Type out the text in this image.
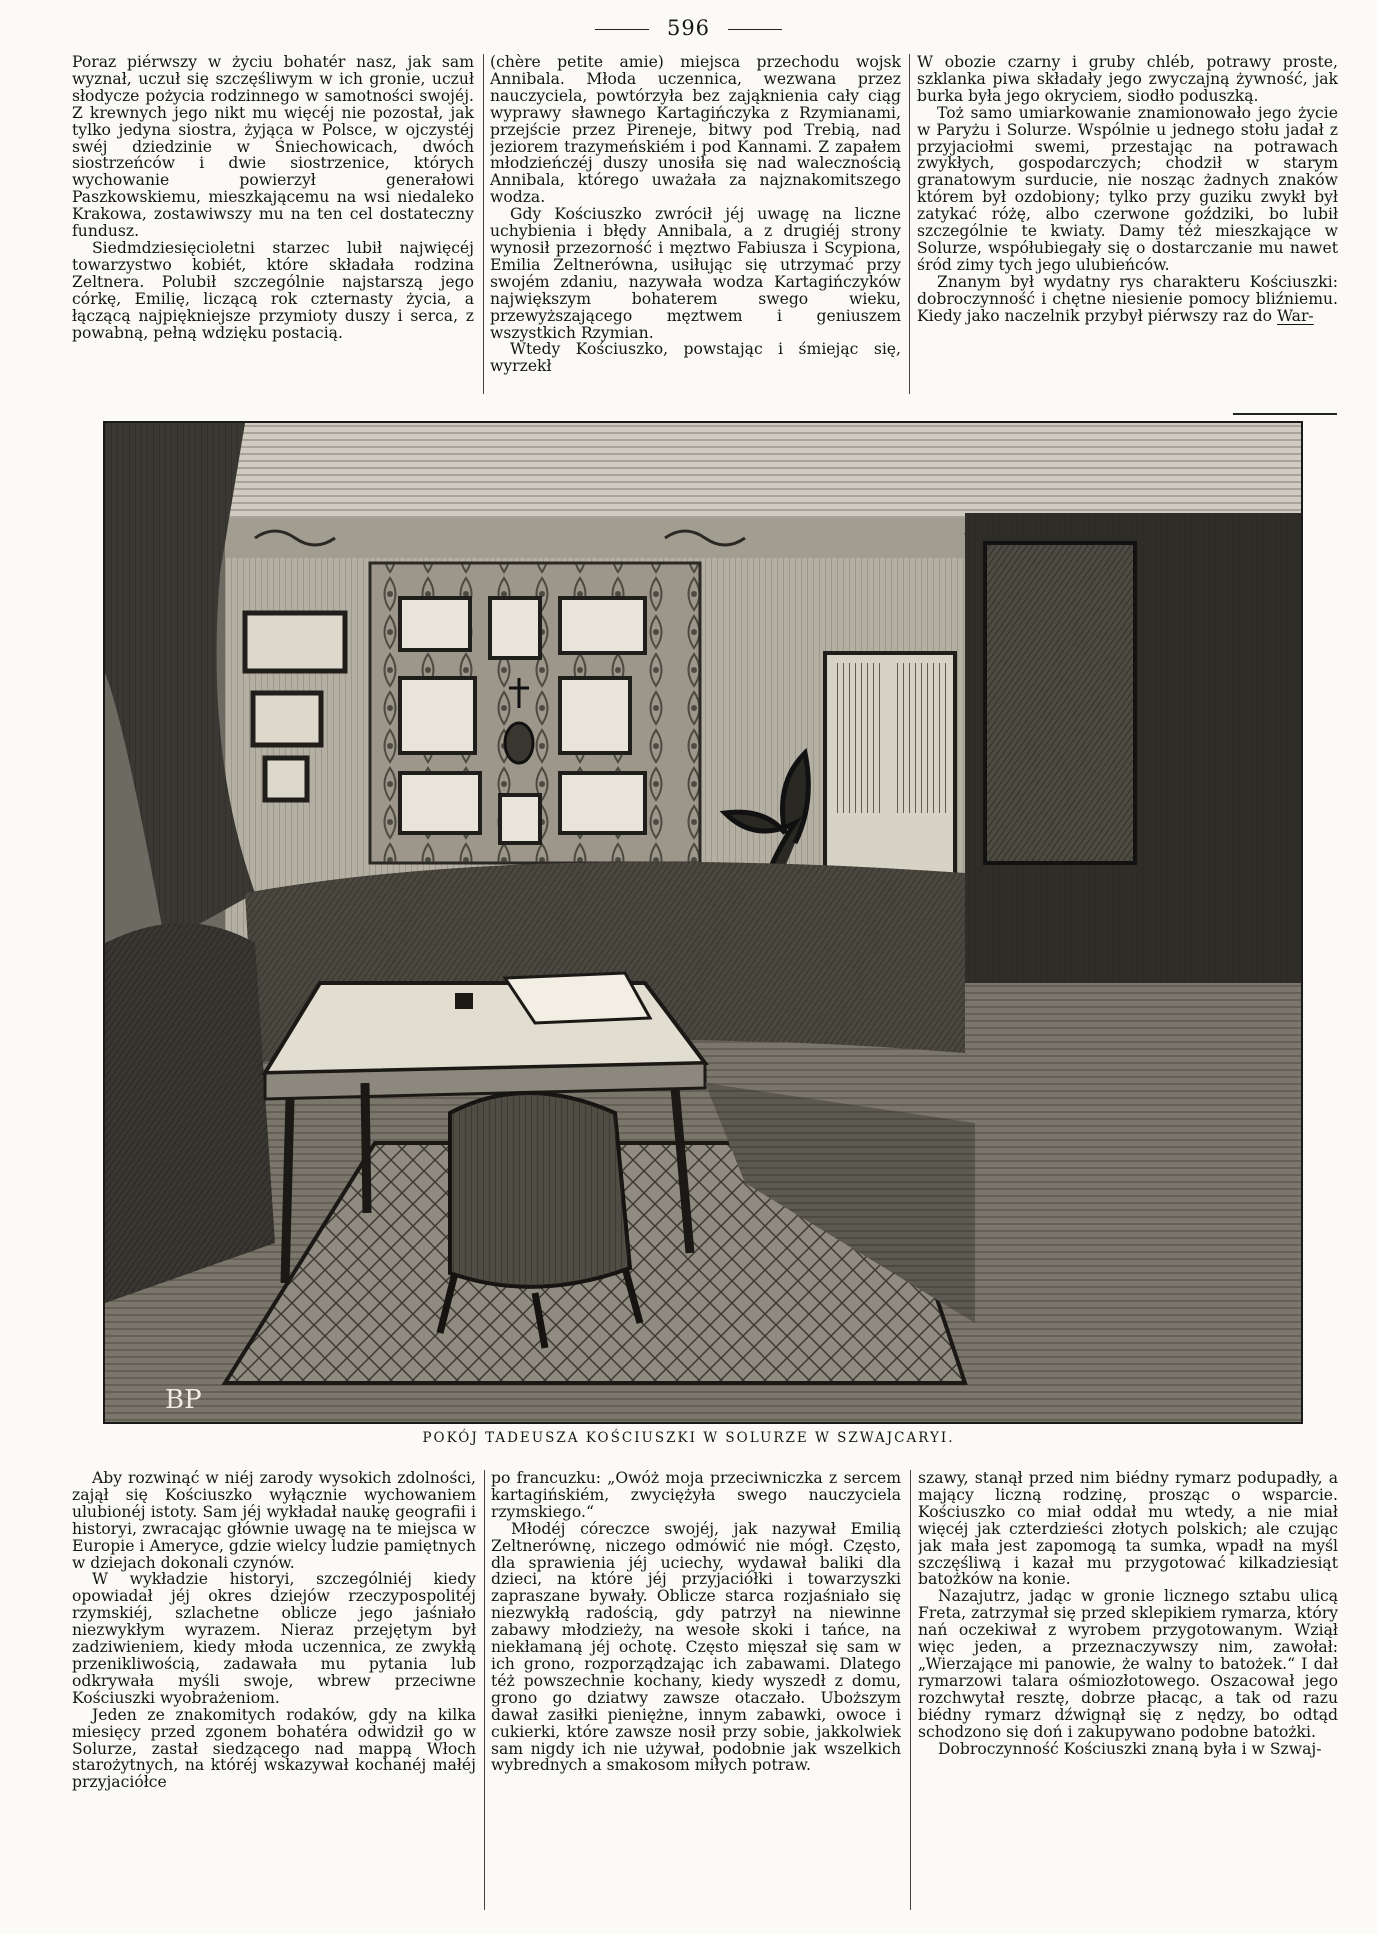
596

Poraz piérwszy w życiu bohatér nasz, jak sam wyznał, uczuł się szczęśliwym w ich gronie, uczuł słodycze pożycia rodzinnego w samotności swojéj. Z krewnych jego nikt mu więcéj nie pozostał, jak tylko jedyna siostra, żyjąca w Polsce, w ojczystéj swéj dziedzinie w Śniechowicach, dwóch siostrzeńców i dwie siostrzenice, których wychowanie powierzył generałowi Paszkowskiemu, mieszkającemu na wsi niedaleko Krakowa, zostawiwszy mu na ten cel dostateczny fundusz.

Siedmdziesięcioletni starzec lubił najwięcéj towarzystwo kobiét, które składała rodzina Zeltnera. Polubił szczególnie najstarszą jego córkę, Emilię, liczącą rok czternasty życia, a łączącą najpiękniejsze przymioty duszy i serca, z powabną, pełną wdzięku postacią.

(chère petite amie) miejsca przechodu wojsk Annibala. Młoda uczennica, wezwana przez nauczyciela, powtórzyła bez zająknienia cały ciąg wyprawy sławnego Kartagińczyka z Rzymianami, przejście przez Pireneje, bitwy pod Trebią, nad jeziorem trazymeńskiém i pod Kannami. Z zapałem młodzieńczéj duszy unosiła się nad walecznością Annibala, którego uważała za najznakomitszego wodza.

Gdy Kościuszko zwrócił jéj uwagę na liczne uchybienia i błędy Annibala, a z drugiéj strony wynosił przezorność i męztwo Fabiusza i Scypiona, Emilia Zeltnerówna, usiłując się utrzymać przy swojém zdaniu, nazywała wodza Kartagińczyków największym bohaterem swego wieku, przewyższającego męztwem i geniuszem wszystkich Rzymian.

Wtedy Kościuszko, powstając i śmiejąc się, wyrzekł

W obozie czarny i gruby chléb, potrawy proste, szklanka piwa składały jego zwyczajną żywność, jak burka była jego okryciem, siodło poduszką.

Toż samo umiarkowanie znamionowało jego życie w Paryżu i Solurze. Wspólnie u jednego stołu jadał z przyjaciołmi swemi, przestając na potrawach zwykłych, gospodarczych; chodził w starym granatowym surducie, nie nosząc żadnych znaków którem był ozdobiony; tylko przy guziku zwykł był zatykać różę, albo czerwone goździki, bo lubił szczególnie te kwiaty. Damy téż mieszkające w Solurze, współubiegały się o dostarczanie mu nawet śród zimy tych jego ulubieńców.

Znanym był wydatny rys charakteru Kościuszki: dobroczynność i chętne niesienie pomocy bliźniemu. Kiedy jako naczelnik przybył piérwszy raz do War-

BP
POKÓJ TADEUSZA KOŚCIUSZKI W SOLURZE W SZWAJCARYI.

Aby rozwinąć w niéj zarody wysokich zdolności, zajął się Kościuszko wyłącznie wychowaniem ulubionéj istoty. Sam jéj wykładał naukę geografii i historyi, zwracając głównie uwagę na te miejsca w Europie i Ameryce, gdzie wielcy ludzie pamiętnych w dziejach dokonali czynów.

W wykładzie historyi, szczególniéj kiedy opowiadał jéj okres dziejów rzeczypospolitéj rzymskiéj, szlachetne oblicze jego jaśniało niezwykłym wyrazem. Nieraz przejętym był zadziwieniem, kiedy młoda uczennica, ze zwykłą przenikliwością, zadawała mu pytania lub odkrywała myśli swoje, wbrew przeciwne Kościuszki wyobrażeniom.

Jeden ze znakomitych rodaków, gdy na kilka miesięcy przed zgonem bohatéra odwidził go w Solurze, zastał siedzącego nad mappą Włoch starożytnych, na któréj wskazywał kochanéj małéj przyjaciółce

po francuzku: „Owóż moja przeciwniczka z sercem kartagińskiém, zwyciężyła swego nauczyciela rzymskiego.“

Młodéj córeczce swojéj, jak nazywał Emilią Zeltnerównę, niczego odmówić nie mógł. Często, dla sprawienia jéj uciechy, wydawał baliki dla dzieci, na które jéj przyjaciółki i towarzyszki zapraszane bywały. Oblicze starca rozjaśniało się niezwykłą radością, gdy patrzył na niewinne zabawy młodzieży, na wesołe skoki i tańce, na niekłamaną jéj ochotę. Często mięszał się sam w ich grono, rozporządzając ich zabawami. Dlatego téż powszechnie kochany, kiedy wyszedł z domu, grono go dziatwy zawsze otaczało. Uboższym dawał zasiłki pieniężne, innym zabawki, owoce i cukierki, które zawsze nosił przy sobie, jakkolwiek sam nigdy ich nie używał, podobnie jak wszelkich wybrednych a smakosom miłych potraw.

szawy, stanął przed nim biédny rymarz podupadły, a mający liczną rodzinę, prosząc o wsparcie. Kościuszko co miał oddał mu wtedy, a nie miał więcéj jak czterdzieści złotych polskich; ale czując jak mała jest zapomogą ta sumka, wpadł na myśl szczęśliwą i kazał mu przygotować kilkadziesiąt batożków na konie.

Nazajutrz, jadąc w gronie licznego sztabu ulicą Freta, zatrzymał się przed sklepikiem rymarza, który nań oczekiwał z wyrobem przygotowanym. Wziął więc jeden, a przeznaczywszy nim, zawołał: „Wierzające mi panowie, że walny to batożek.“ I dał rymarzowi talara ośmiozłotowego. Oszacował jego rozchwytał resztę, dobrze płacąc, a tak od razu biédny rymarz dźwignął się z nędzy, bo odtąd schodzono się doń i zakupywano podobne batożki.

Dobroczynność Kościuszki znaną była i w Szwaj-
